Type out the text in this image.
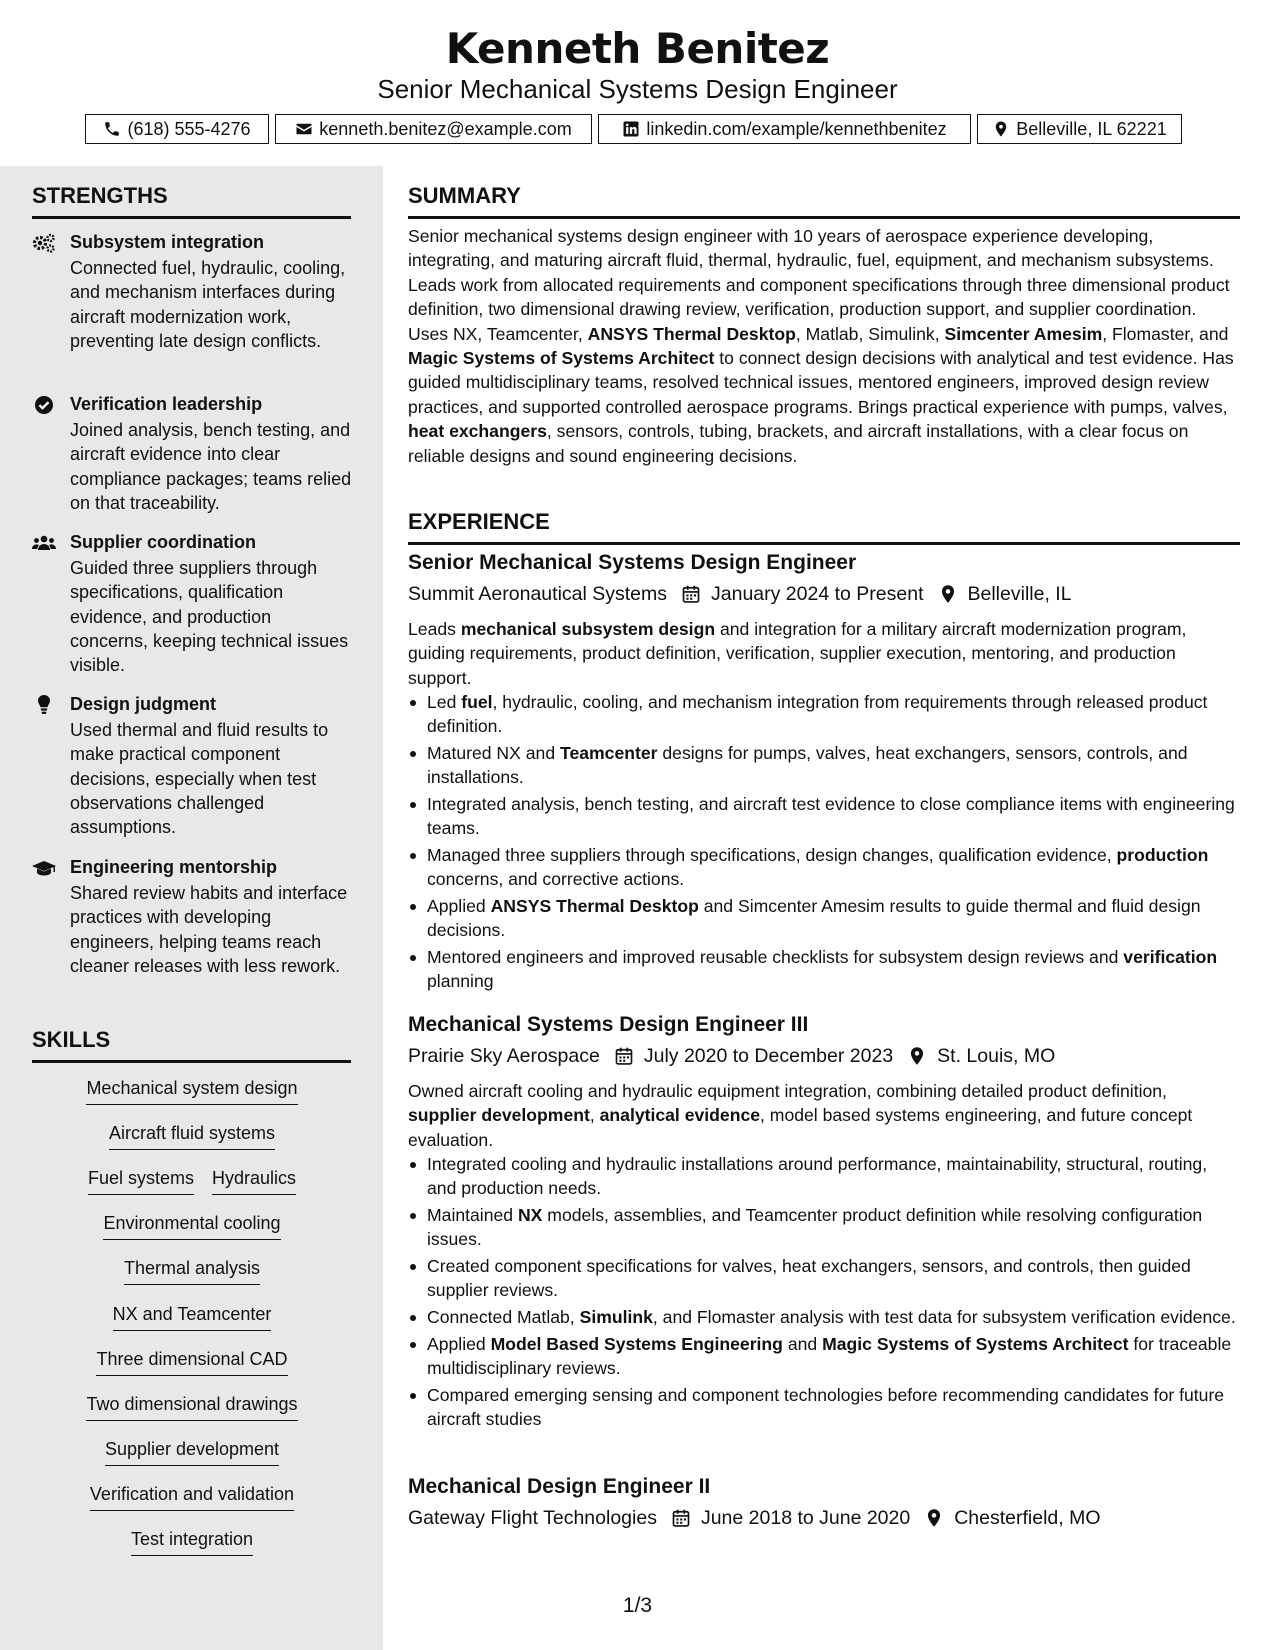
Kenneth Benitez
Senior Mechanical Systems Design Engineer
(618) 555-4276	kenneth.benitez@example.com	linkedin.com/example/kennethbenitez	Belleville, IL 62221
STRENGTHS
Subsystem integration
Connected fuel, hydraulic, cooling, and mechanism interfaces during aircraft modernization work, preventing late design conflicts.
Verification leadership
Joined analysis, bench testing, and aircraft evidence into clear compliance packages; teams relied on that traceability.
Supplier coordination
Guided three suppliers through specifications, qualification evidence, and production concerns, keeping technical issues visible.
Design judgment
Used thermal and fluid results to make practical component decisions, especially when test observations challenged assumptions.
Engineering mentorship
Shared review habits and interface practices with developing engineers, helping teams reach cleaner releases with less rework.
SKILLS
Mechanical system design
Aircraft fluid systems
Fuel systems Hydraulics
Environmental cooling
Thermal analysis
NX and Teamcenter
Three dimensional CAD
Two dimensional drawings
Supplier development
Verification and validation
Test integration
SUMMARY
Senior mechanical systems design engineer with 10 years of aerospace experience developing, integrating, and maturing aircraft fluid, thermal, hydraulic, fuel, equipment, and mechanism subsystems. Leads work from allocated requirements and component specifications through three dimensional product definition, two dimensional drawing review, verification, production support, and supplier coordination. Uses NX, Teamcenter, ANSYS Thermal Desktop, Matlab, Simulink, Simcenter Amesim, Flomaster, and Magic Systems of Systems Architect to connect design decisions with analytical and test evidence. Has guided multidisciplinary teams, resolved technical issues, mentored engineers, improved design review practices, and supported controlled aerospace programs. Brings practical experience with pumps, valves, heat exchangers, sensors, controls, tubing, brackets, and aircraft installations, with a clear focus on reliable designs and sound engineering decisions.
EXPERIENCE
Senior Mechanical Systems Design Engineer
Summit Aeronautical Systems January 2024 to Present Belleville, IL
Leads mechanical subsystem design and integration for a military aircraft modernization program, guiding requirements, product definition, verification, supplier execution, mentoring, and production support.
Led fuel, hydraulic, cooling, and mechanism integration from requirements through released product definition.
Matured NX and Teamcenter designs for pumps, valves, heat exchangers, sensors, controls, and installations.
Integrated analysis, bench testing, and aircraft test evidence to close compliance items with engineering teams.
Managed three suppliers through specifications, design changes, qualification evidence, production concerns, and corrective actions.
Applied ANSYS Thermal Desktop and Simcenter Amesim results to guide thermal and fluid design decisions.
Mentored engineers and improved reusable checklists for subsystem design reviews and verification planning
Mechanical Systems Design Engineer III
Prairie Sky Aerospace July 2020 to December 2023 St. Louis, MO
Owned aircraft cooling and hydraulic equipment integration, combining detailed product definition, supplier development, analytical evidence, model based systems engineering, and future concept evaluation.
Integrated cooling and hydraulic installations around performance, maintainability, structural, routing, and production needs.
Maintained NX models, assemblies, and Teamcenter product definition while resolving configuration issues.
Created component specifications for valves, heat exchangers, sensors, and controls, then guided supplier reviews.
Connected Matlab, Simulink, and Flomaster analysis with test data for subsystem verification evidence.
Applied Model Based Systems Engineering and Magic Systems of Systems Architect for traceable multidisciplinary reviews.
Compared emerging sensing and component technologies before recommending candidates for future aircraft studies
Mechanical Design Engineer II
Gateway Flight Technologies June 2018 to June 2020 Chesterfield, MO
1/3
